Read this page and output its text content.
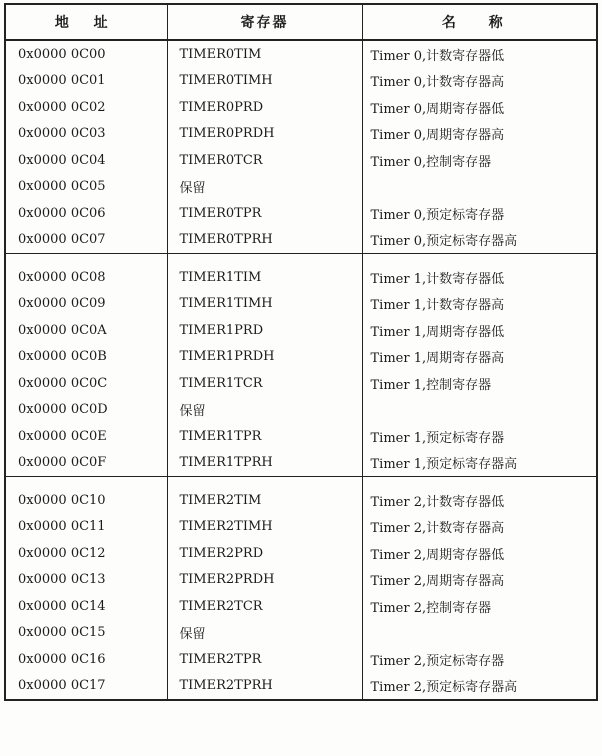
地 址	寄存器	名 称
0x0000 0C00	TIMER0TIM	Timer 0,计数寄存器低
0x0000 0C01	TIMER0TIMH	Timer 0,计数寄存器高
0x0000 0C02	TIMER0PRD	Timer 0,周期寄存器低
0x0000 0C03	TIMER0PRDH	Timer 0,周期寄存器高
0x0000 0C04	TIMER0TCR	Timer 0,控制寄存器
0x0000 0C05	保留	
0x0000 0C06	TIMER0TPR	Timer 0,预定标寄存器
0x0000 0C07	TIMER0TPRH	Timer 0,预定标寄存器高
0x0000 0C08	TIMER1TIM	Timer 1,计数寄存器低
0x0000 0C09	TIMER1TIMH	Timer 1,计数寄存器高
0x0000 0C0A	TIMER1PRD	Timer 1,周期寄存器低
0x0000 0C0B	TIMER1PRDH	Timer 1,周期寄存器高
0x0000 0C0C	TIMER1TCR	Timer 1,控制寄存器
0x0000 0C0D	保留	
0x0000 0C0E	TIMER1TPR	Timer 1,预定标寄存器
0x0000 0C0F	TIMER1TPRH	Timer 1,预定标寄存器高
0x0000 0C10	TIMER2TIM	Timer 2,计数寄存器低
0x0000 0C11	TIMER2TIMH	Timer 2,计数寄存器高
0x0000 0C12	TIMER2PRD	Timer 2,周期寄存器低
0x0000 0C13	TIMER2PRDH	Timer 2,周期寄存器高
0x0000 0C14	TIMER2TCR	Timer 2,控制寄存器
0x0000 0C15	保留	
0x0000 0C16	TIMER2TPR	Timer 2,预定标寄存器
0x0000 0C17	TIMER2TPRH	Timer 2,预定标寄存器高
